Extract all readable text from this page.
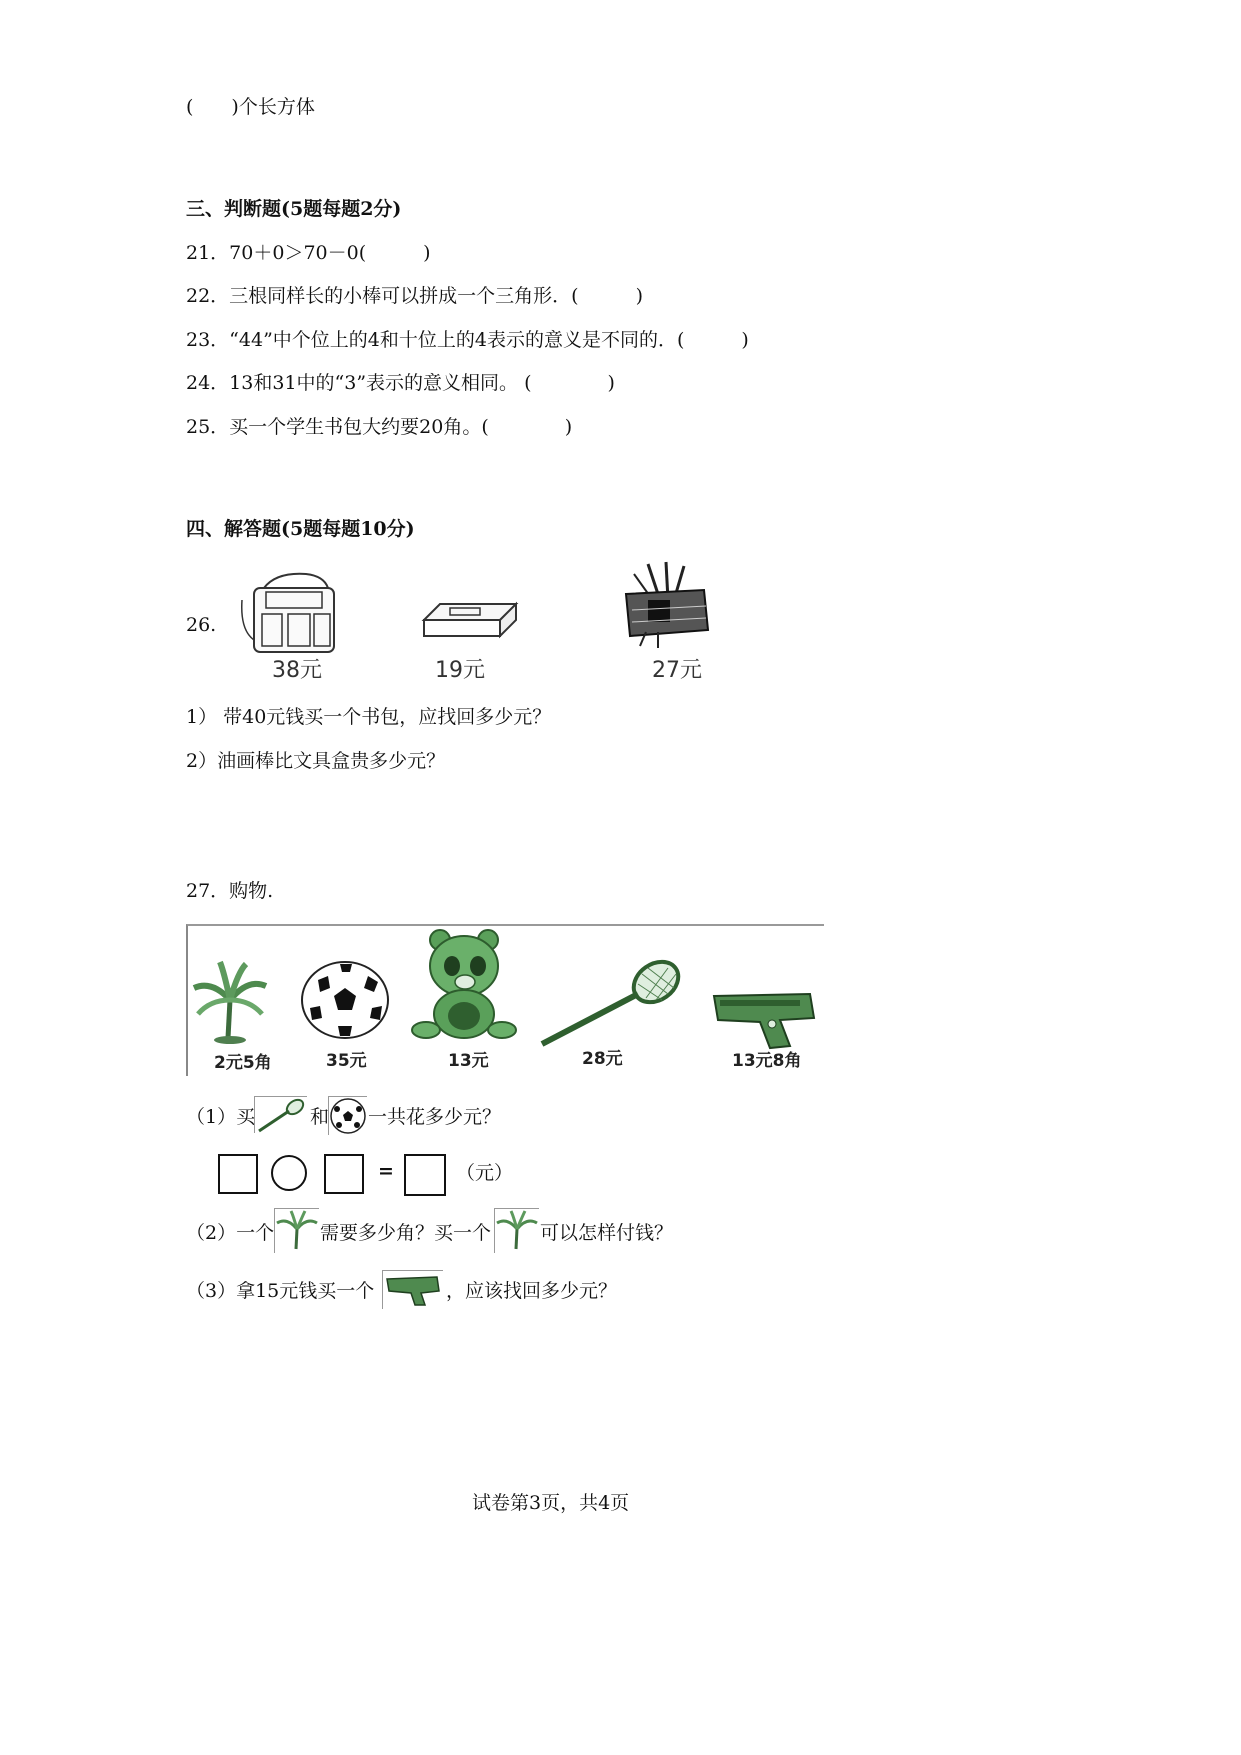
(　　)个长方体
三、判断题(5题每题2分)
21．70＋0＞70－0(　　　)
22．三根同样长的小棒可以拼成一个三角形．(　　　)
23．“44”中个位上的4和十位上的4表示的意义是不同的．(　　　)
24．13和31中的“3”表示的意义相同。 (　　　　)
25．买一个学生书包大约要20角。(　　　　)
四、解答题(5题每题10分)
26.
38元	19元	27元
1） 带40元钱买一个书包，应找回多少元？
2）油画棒比文具盒贵多少元？
27．购物.
2元5角	35元	13元	28元	13元8角
（1）买	和 一共花多少元？
=	（元）
（2）一个 需要多少角？买一个	可以怎样付钱？
（3）拿15元钱买一个	，应该找回多少元？
试卷第3页，共4页
